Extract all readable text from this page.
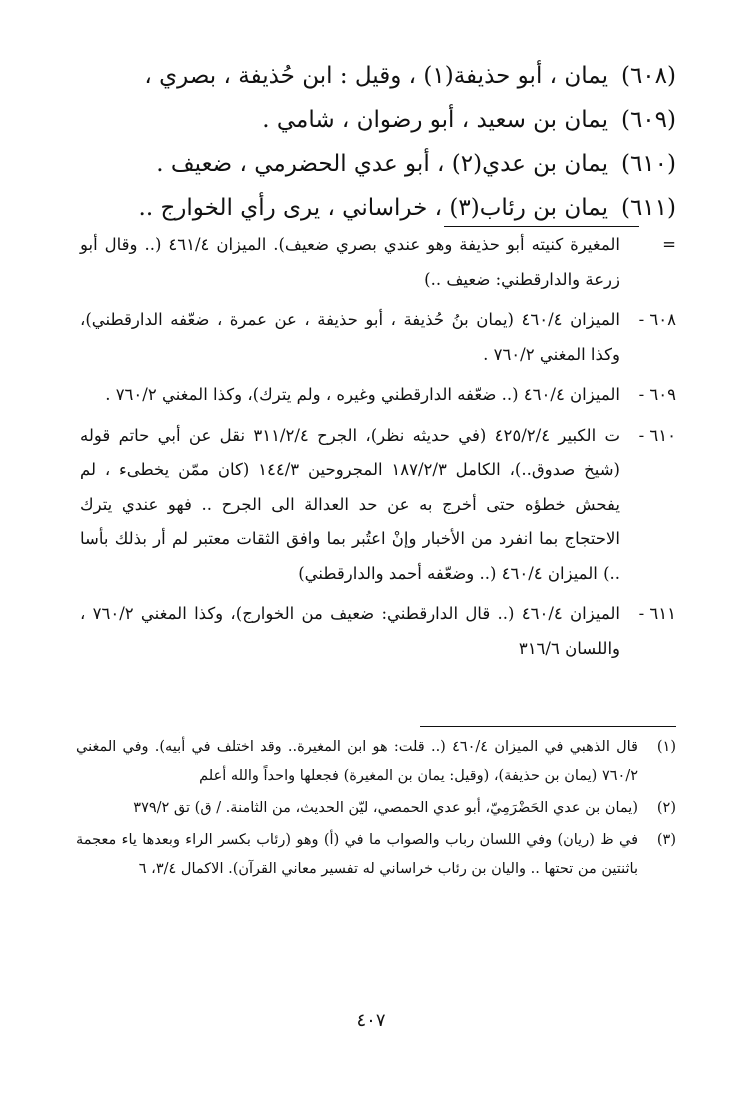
(٦٠٨)يمان ، أبو حذيفة(١) ، وقيل : ابن حُذيفة ، بصري ،
(٦٠٩)يمان بن سعيد ، أبو رضوان ، شامي .
(٦١٠)يمان بن عدي(٢) ، أبو عدي الحضرمي ، ضعيف .
(٦١١)يمان بن رئاب(٣) ، خراساني ، يرى رأي الخوارج ..
=
المغيرة كنيته أبو حذيفة وهو عندي بصري ضعيف). الميزان ٤٦١/٤ (.. وقال أبو زرعة والدارقطني: ضعيف ..)
٦٠٨ -
الميزان ٤٦٠/٤ (يمان بنُ حُذيفة ، أبو حذيفة ، عن عمرة ، ضعّفه الدارقطني)، وكذا المغني ٧٦٠/٢ .
٦٠٩ -
الميزان ٤٦٠/٤ (.. ضعّفه الدارقطني وغيره ، ولم يترك)، وكذا المغني ٧٦٠/٢ .
٦١٠ -
ت الكبير ٤٢٥/٢/٤ (في حديثه نظر)، الجرح ٣١١/٢/٤ نقل عن أبي حاتم قوله (شيخ صدوق..)، الكامل ١٨٧/٢/٣ المجروحين ١٤٤/٣ (كان ممّن يخطىء ، لم يفحش خطؤه حتى أخرج به عن حد العدالة الى الجرح .. فهو عندي يترك الاحتجاج بما انفرد من الأخبار وإنْ اعتُبر بما وافق الثقات معتبر لم أر بذلك بأسا ..) الميزان ٤٦٠/٤ (.. وضعّفه أحمد والدارقطني)
٦١١ -
الميزان ٤٦٠/٤ (.. قال الدارقطني: ضعيف من الخوارج)، وكذا المغني ٧٦٠/٢ ، واللسان ٣١٦/٦
(١)
قال الذهبي في الميزان ٤٦٠/٤ (.. قلت: هو ابن المغيرة.. وقد اختلف في أبيه). وفي المغني ٧٦٠/٢ (يمان بن حذيفة)، (وقيل: يمان بن المغيرة) فجعلها واحداً والله أعلم
(٢)
(يمان بن عدي الحَضْرَمِيّ، أبو عدي الحمصي، ليّن الحديث، من الثامنة. / ق) تق ٣٧٩/٢
(٣)
في ظ (ريان) وفي اللسان رباب والصواب ما في (أ) وهو (رئاب بكسر الراء وبعدها ياء معجمة باثنتين من تحتها .. واليان بن رئاب خراساني له تفسير معاني القرآن). الاكمال ٣/٤، ٦
٤٠٧
